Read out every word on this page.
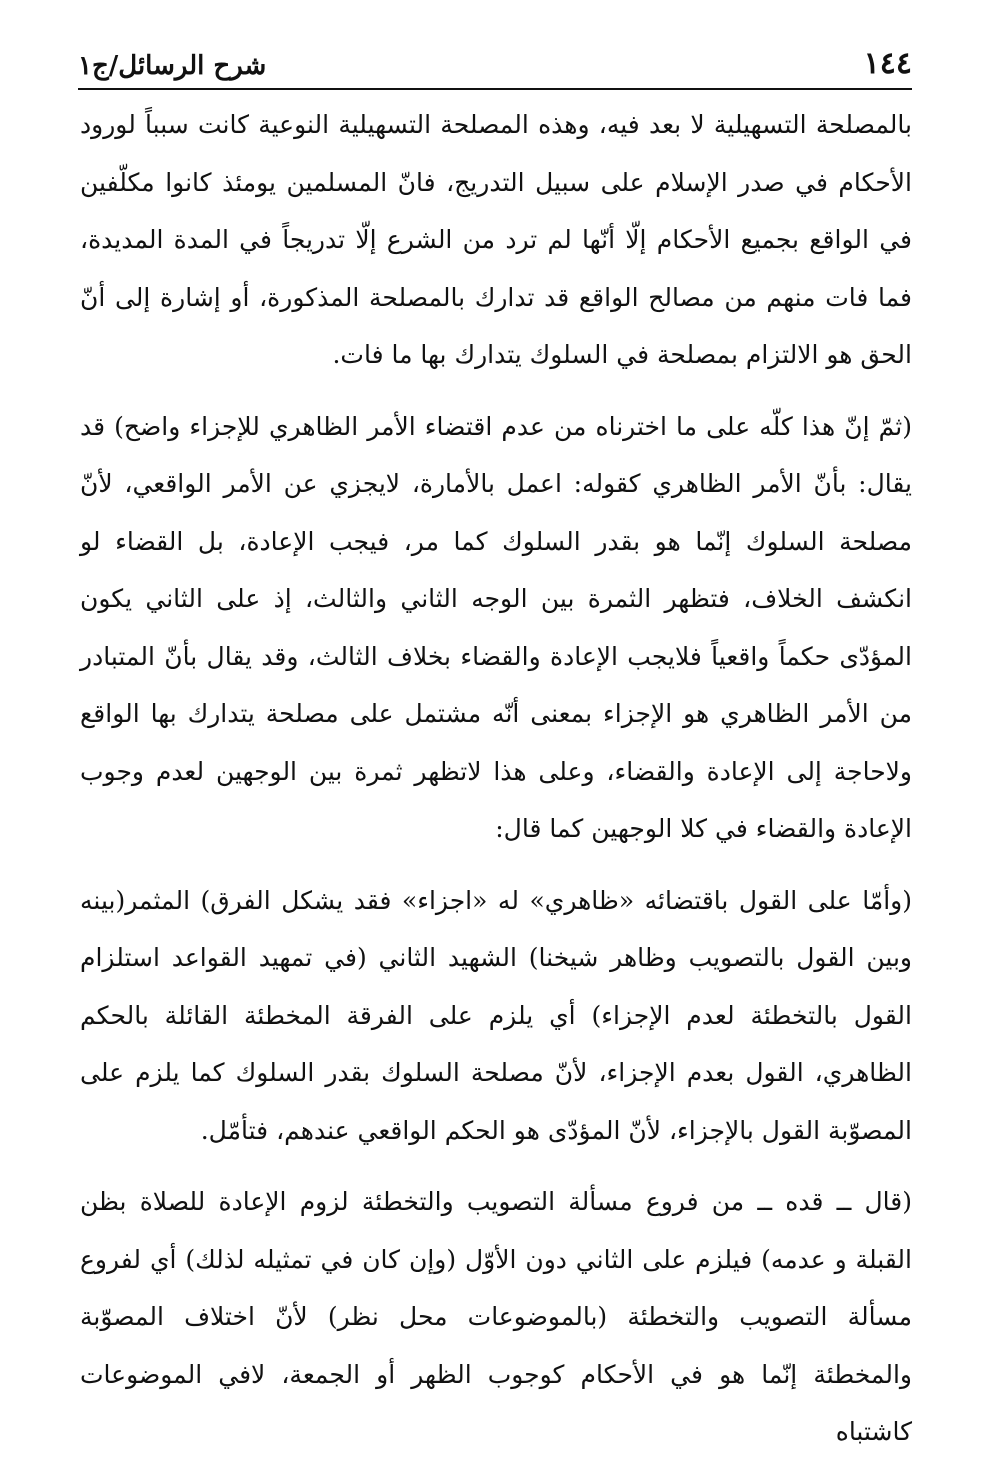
١٤٤
شرح الرسائل/ج١

بالمصلحة التسهيلية لا بعد فيه، وهذه المصلحة التسهيلية النوعية كانت سبباً لورود الأحكام في صدر الإسلام على سبيل التدريج، فانّ المسلمين يومئذ كانوا مكلّفين في الواقع بجميع الأحكام إلّا أنّها لم ترد من الشرع إلّا تدريجاً في المدة المديدة، فما فات منهم من مصالح الواقع قد تدارك بالمصلحة المذكورة، أو إشارة إلى أنّ الحق هو الالتزام بمصلحة في السلوك يتدارك بها ما فات.

(ثمّ إنّ هذا كلّه على ما اخترناه من عدم اقتضاء الأمر الظاهري للإجزاء واضح) قد يقال: بأنّ الأمر الظاهري كقوله: اعمل بالأمارة، لايجزي عن الأمر الواقعي، لأنّ مصلحة السلوك إنّما هو بقدر السلوك كما مر، فيجب الإعادة، بل القضاء لو انكشف الخلاف، فتظهر الثمرة بين الوجه الثاني والثالث، إذ على الثاني يكون المؤدّى حكماً واقعياً فلايجب الإعادة والقضاء بخلاف الثالث، وقد يقال بأنّ المتبادر من الأمر الظاهري هو الإجزاء بمعنى أنّه مشتمل على مصلحة يتدارك بها الواقع ولاحاجة إلى الإعادة والقضاء، وعلى هذا لاتظهر ثمرة بين الوجهين لعدم وجوب الإعادة والقضاء في كلا الوجهين كما قال:

(وأمّا على القول باقتضائه «ظاهري» له «اجزاء» فقد يشكل الفرق) المثمر(بينه وبين القول بالتصويب وظاهر شيخنا) الشهيد الثاني (في تمهيد القواعد استلزام القول بالتخطئة لعدم الإجزاء) أي يلزم على الفرقة المخطئة القائلة بالحكم الظاهري، القول بعدم الإجزاء، لأنّ مصلحة السلوك بقدر السلوك كما يلزم على المصوّبة القول بالإجزاء، لأنّ المؤدّى هو الحكم الواقعي عندهم، فتأمّل.

(قال ــ قده ــ من فروع مسألة التصويب والتخطئة لزوم الإعادة للصلاة بظن القبلة و عدمه) فيلزم على الثاني دون الأوّل (وإن كان في تمثيله لذلك) أي لفروع مسألة التصويب والتخطئة (بالموضوعات محل نظر) لأنّ اختلاف المصوّبة والمخطئة إنّما هو في الأحكام كوجوب الظهر أو الجمعة، لافي الموضوعات كاشتباه
